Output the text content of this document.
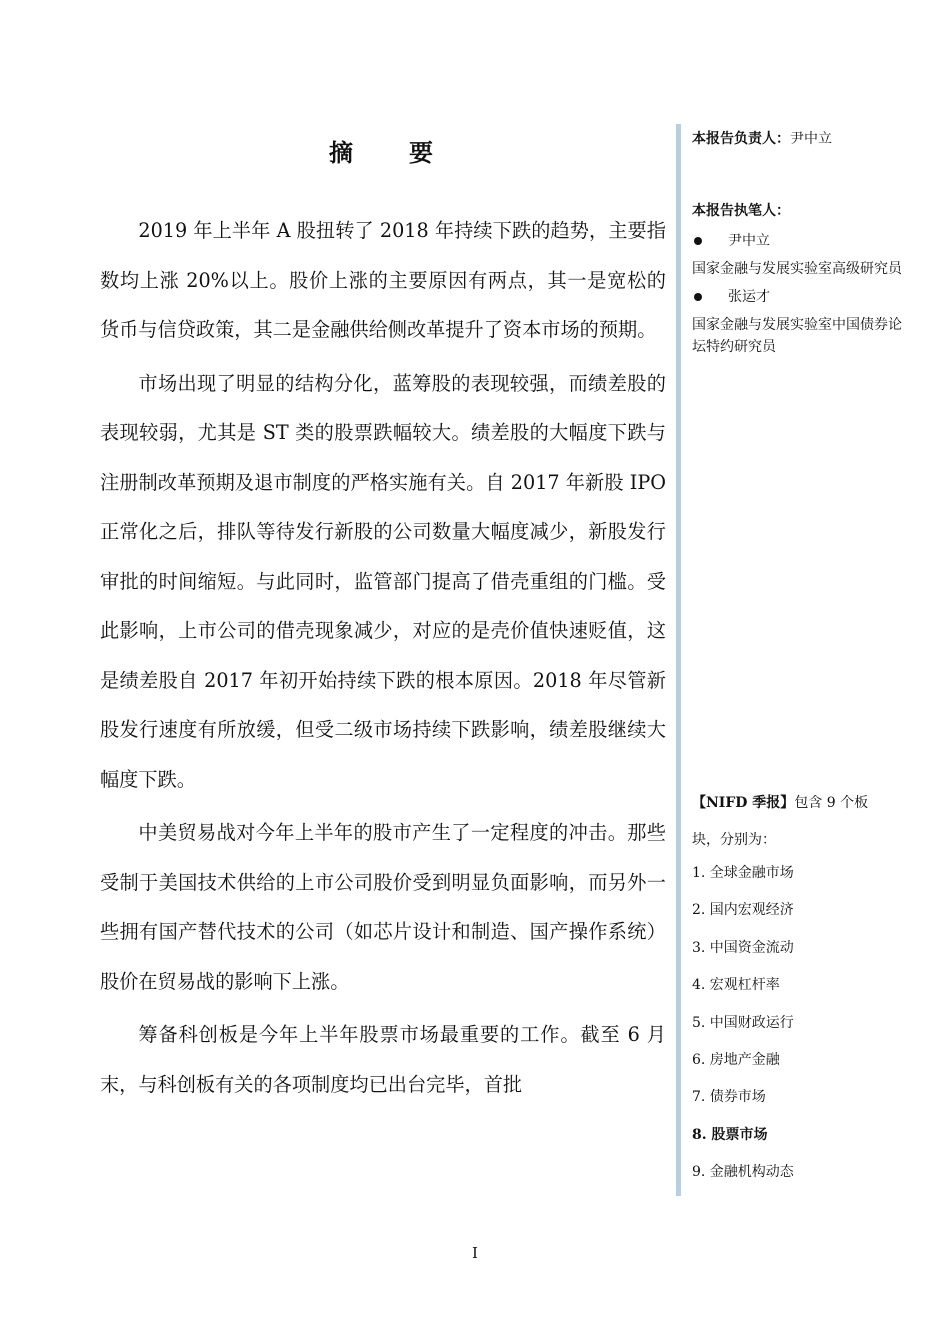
摘　要

2019 年上半年 A 股扭转了 2018 年持续下跌的趋势，主要指数均上涨 20%以上。股价上涨的主要原因有两点，其一是宽松的货币与信贷政策，其二是金融供给侧改革提升了资本市场的预期。

市场出现了明显的结构分化，蓝筹股的表现较强，而绩差股的表现较弱，尤其是 ST 类的股票跌幅较大。绩差股的大幅度下跌与注册制改革预期及退市制度的严格实施有关。自 2017 年新股 IPO 正常化之后，排队等待发行新股的公司数量大幅度减少，新股发行审批的时间缩短。与此同时，监管部门提高了借壳重组的门槛。受此影响，上市公司的借壳现象减少，对应的是壳价值快速贬值，这是绩差股自 2017 年初开始持续下跌的根本原因。2018 年尽管新股发行速度有所放缓，但受二级市场持续下跌影响，绩差股继续大幅度下跌。

中美贸易战对今年上半年的股市产生了一定程度的冲击。那些受制于美国技术供给的上市公司股价受到明显负面影响，而另外一些拥有国产替代技术的公司（如芯片设计和制造、国产操作系统）股价在贸易战的影响下上涨。

筹备科创板是今年上半年股票市场最重要的工作。截至 6 月末，与科创板有关的各项制度均已出台完毕，首批

本报告负责人：尹中立
本报告执笔人：
尹中立
国家金融与发展实验室高级研究员
张运才
国家金融与发展实验室中国债券论坛特约研究员
【NIFD 季报】包含 9 个板块，分别为：
1. 全球金融市场
2. 国内宏观经济
3. 中国资金流动
4. 宏观杠杆率
5. 中国财政运行
6. 房地产金融
7. 债券市场
8. 股票市场
9. 金融机构动态
I
